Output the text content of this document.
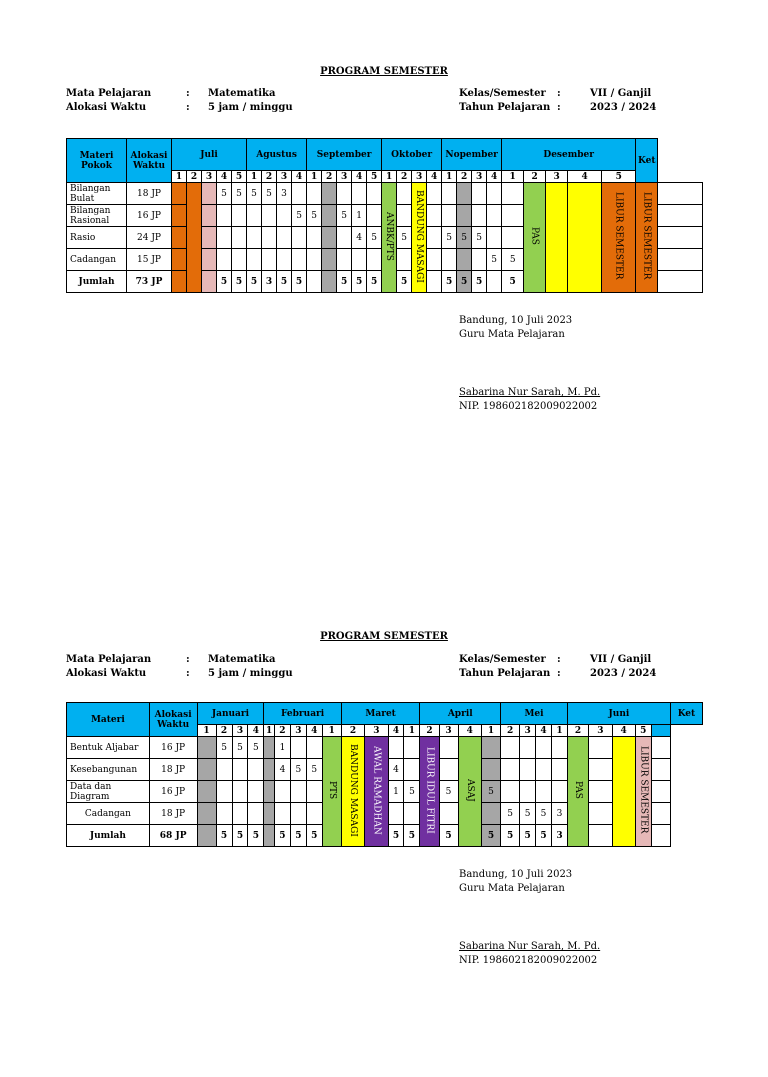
PROGRAM SEMESTER
Mata Pelajaran	: Matematika
Alokasi Waktu	: 5 jam / minggu
Kelas/Semester :	VII / Ganjil
Tahun Pelajaran :	2023 / 2024
Materi Pokok	Alokasi Waktu	Juli					Agustus				September					Oktober				Nopember				Desember					Ket	
		1	2	3	4	5	1	2	3	4	1	2	3	4	5	1	2	3	4	1	2	3	4	1	2	3	4	5		
Bilangan Bulat	18 JP				5	5	5	5	3							ANBK/PTS		BANDUNG MASAGI							PAS			LIBUR SEMESTER	LIBUR SEMESTER	
Bilangan Rasional	16 JP									5	5		5	1																
Rasio	24 JP													4	5		5			5	5	5								
Cadangan	15 JP																						5	5						
Jumlah	73 JP				5	5	5	3	5	5			5	5	5		5			5	5	5		5						
Bandung, 10 Juli 2023
Guru Mata Pelajaran
Sabarina Nur Sarah, M. Pd.
NIP. 198602182009022002
PROGRAM SEMESTER
Mata Pelajaran	: Matematika
Alokasi Waktu	: 5 jam / minggu
Kelas/Semester :	VII / Ganjil
Tahun Pelajaran :	2023 / 2024
Materi	Alokasi Waktu	Januari				Februari					Maret				April				Mei				Juni					Ket
		1	2	3	4	1	2	3	4	1	2	3	4	1	2	3	4	1	2	3	4	1	2	3	4	5		
Bentuk Aljabar	16 JP		5	5	5		1			PTS	BANDUNG MASAGI	AWAL RAMADHAN			LIBUR IDUL FITRI		ASAJ						PAS			LIBUR SEMESTER		
Kesebangunan	18 JP						4	5	5				4															
Data dan Diagram	16 JP												1	5		5		5										
Cadangan	18 JP																		5	5	5	3						
Jumlah	68 JP		5	5	5		5	5	5				5	5		5		5	5	5	5	3						
Bandung, 10 Juli 2023
Guru Mata Pelajaran
Sabarina Nur Sarah, M. Pd.
NIP. 198602182009022002
